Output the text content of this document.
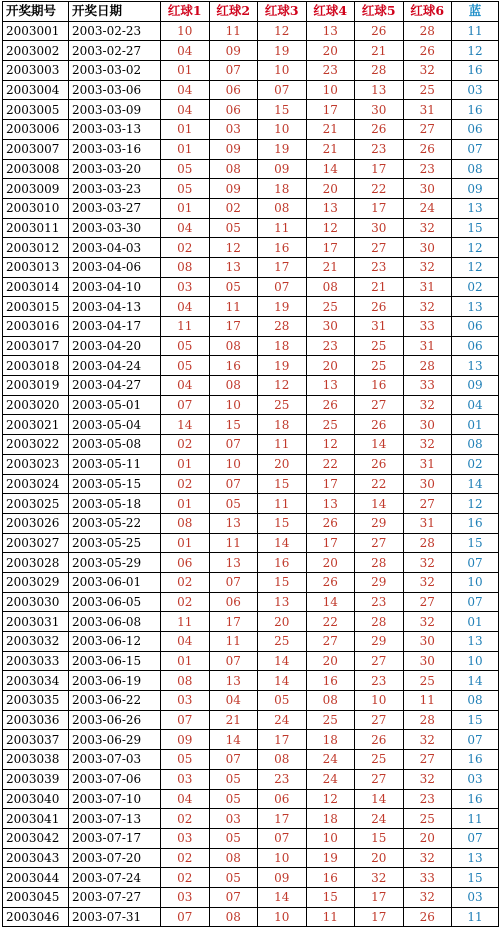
开奖期号	开奖日期	红球1	红球2	红球3	红球4	红球5	红球6	蓝
2003001	2003-02-23	10	11	12	13	26	28	11
2003002	2003-02-27	04	09	19	20	21	26	12
2003003	2003-03-02	01	07	10	23	28	32	16
2003004	2003-03-06	04	06	07	10	13	25	03
2003005	2003-03-09	04	06	15	17	30	31	16
2003006	2003-03-13	01	03	10	21	26	27	06
2003007	2003-03-16	01	09	19	21	23	26	07
2003008	2003-03-20	05	08	09	14	17	23	08
2003009	2003-03-23	05	09	18	20	22	30	09
2003010	2003-03-27	01	02	08	13	17	24	13
2003011	2003-03-30	04	05	11	12	30	32	15
2003012	2003-04-03	02	12	16	17	27	30	12
2003013	2003-04-06	08	13	17	21	23	32	12
2003014	2003-04-10	03	05	07	08	21	31	02
2003015	2003-04-13	04	11	19	25	26	32	13
2003016	2003-04-17	11	17	28	30	31	33	06
2003017	2003-04-20	05	08	18	23	25	31	06
2003018	2003-04-24	05	16	19	20	25	28	13
2003019	2003-04-27	04	08	12	13	16	33	09
2003020	2003-05-01	07	10	25	26	27	32	04
2003021	2003-05-04	14	15	18	25	26	30	01
2003022	2003-05-08	02	07	11	12	14	32	08
2003023	2003-05-11	01	10	20	22	26	31	02
2003024	2003-05-15	02	07	15	17	22	30	14
2003025	2003-05-18	01	05	11	13	14	27	12
2003026	2003-05-22	08	13	15	26	29	31	16
2003027	2003-05-25	01	11	14	17	27	28	15
2003028	2003-05-29	06	13	16	20	28	32	07
2003029	2003-06-01	02	07	15	26	29	32	10
2003030	2003-06-05	02	06	13	14	23	27	07
2003031	2003-06-08	11	17	20	22	28	32	01
2003032	2003-06-12	04	11	25	27	29	30	13
2003033	2003-06-15	01	07	14	20	27	30	10
2003034	2003-06-19	08	13	14	16	23	25	14
2003035	2003-06-22	03	04	05	08	10	11	08
2003036	2003-06-26	07	21	24	25	27	28	15
2003037	2003-06-29	09	14	17	18	26	32	07
2003038	2003-07-03	05	07	08	24	25	27	16
2003039	2003-07-06	03	05	23	24	27	32	03
2003040	2003-07-10	04	05	06	12	14	23	16
2003041	2003-07-13	02	03	17	18	24	25	11
2003042	2003-07-17	03	05	07	10	15	20	07
2003043	2003-07-20	02	08	10	19	20	32	13
2003044	2003-07-24	02	05	09	16	32	33	15
2003045	2003-07-27	03	07	14	15	17	32	03
2003046	2003-07-31	07	08	10	11	17	26	11
